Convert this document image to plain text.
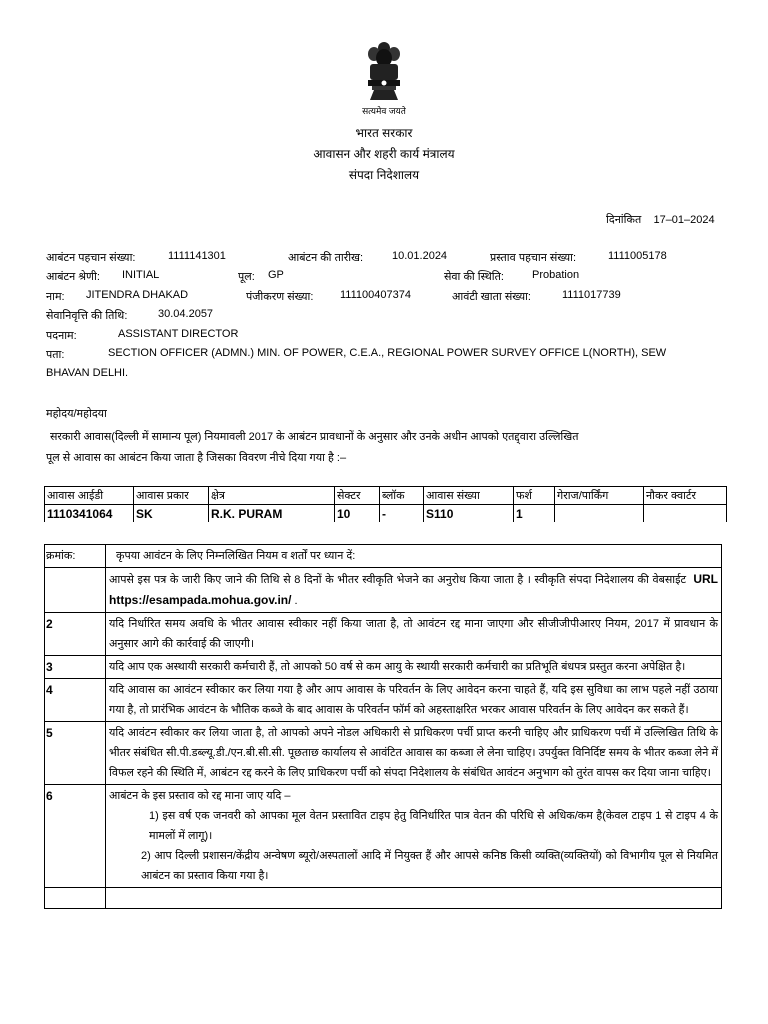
सत्यमेव जयते
भारत सरकार
आवासन और शहरी कार्य मंत्रालय
संपदा निदेशालय
दिनांकित 17–01–2024
आबंटन पहचान संख्या:	1111141301	आबंटन की तारीख:	10.01.2024	प्रस्ताव पहचान संख्या:	1111005178
आबंटन श्रेणी: INITIAL	पूल: GP	सेवा की स्थिति:	Probation
नाम: JITENDRA DHAKAD	पंजीकरण संख्या: 111100407374	आवंटी खाता संख्या:	1111017739
सेवानिवृत्ति की तिथि:	30.04.2057
पदनाम:	ASSISTANT DIRECTOR
पता:	SECTION OFFICER (ADMN.) MIN. OF POWER, C.E.A., REGIONAL POWER SURVEY OFFICE L(NORTH), SEW
BHAVAN DELHI.
महोदय/महोदया
सरकारी आवास(दिल्ली में सामान्य पूल) नियमावली 2017 के आबंटन प्रावधानों के अनुसार और उनके अधीन आपको एतद्द्वारा उल्लिखित
पूल से आवास का आबंटन किया जाता है जिसका विवरण नीचे दिया गया है :–
आवास आईडी	आवास प्रकार	क्षेत्र	सेक्टर	ब्लॉक	आवास संख्या	फर्श	गेराज/पार्किंग	नौकर क्वार्टर
1110341064	SK	R.K. PURAM	10	-	S110	1		
क्रमांक:	कृपया आवंटन के लिए निम्नलिखित नियम व शर्तों पर ध्यान दें:
	आपसे इस पत्र के जारी किए जाने की तिथि से 8 दिनों के भीतर स्वीकृति भेजने का अनुरोध किया जाता है । स्वीकृति संपदा निदेशालय की वेबसाईट URL https://esampada.mohua.gov.in/ .
2	यदि निर्धारित समय अवधि के भीतर आवास स्वीकार नहीं किया जाता है, तो आवंटन रद्द माना जाएगा और सीजीजीपीआरए नियम, 2017 में प्रावधान के अनुसार आगे की कार्रवाई की जाएगी।
3	यदि आप एक अस्थायी सरकारी कर्मचारी हैं, तो आपको 50 वर्ष से कम आयु के स्थायी सरकारी कर्मचारी का प्रतिभूति बंधपत्र प्रस्तुत करना अपेक्षित है।
4	यदि आवास का आवंटन स्वीकार कर लिया गया है और आप आवास के परिवर्तन के लिए आवेदन करना चाहते हैं, यदि इस सुविधा का लाभ पहले नहीं उठाया गया है, तो प्रारंभिक आवंटन के भौतिक कब्जे के बाद आवास के परिवर्तन फॉर्म को अहस्ताक्षरित भरकर आवास परिवर्तन के लिए आवेदन कर सकते हैं।
5	यदि आवंटन स्वीकार कर लिया जाता है, तो आपको अपने नोडल अधिकारी से प्राधिकरण पर्ची प्राप्त करनी चाहिए और प्राधिकरण पर्ची में उल्लिखित तिथि के भीतर संबंधित सी.पी.डब्ल्यू.डी./एन.बी.सी.सी. पूछताछ कार्यालय से आवंटित आवास का कब्जा ले लेना चाहिए। उपर्युक्त विनिर्दिष्ट समय के भीतर कब्जा लेने में विफल रहने की स्थिति में, आबंटन रद्द करने के लिए प्राधिकरण पर्ची को संपदा निदेशालय के संबंधित आवंटन अनुभाग को तुरंत वापस कर दिया जाना चाहिए।
6	आबंटन के इस प्रस्ताव को रद्द माना जाए यदि –
1) इस वर्ष एक जनवरी को आपका मूल वेतन प्रस्तावित टाइप हेतु विनिर्धारित पात्र वेतन की परिधि से अधिक/कम है(केवल टाइप 1 से टाइप 4 के मामलों में लागू)।
2) आप दिल्ली प्रशासन/केंद्रीय अन्वेषण ब्यूरो/अस्पतालों आदि में नियुक्त हैं और आपसे कनिष्ठ किसी व्यक्ति(व्यक्तियों) को विभागीय पूल से नियमित आबंटन का प्रस्ताव किया गया है।
